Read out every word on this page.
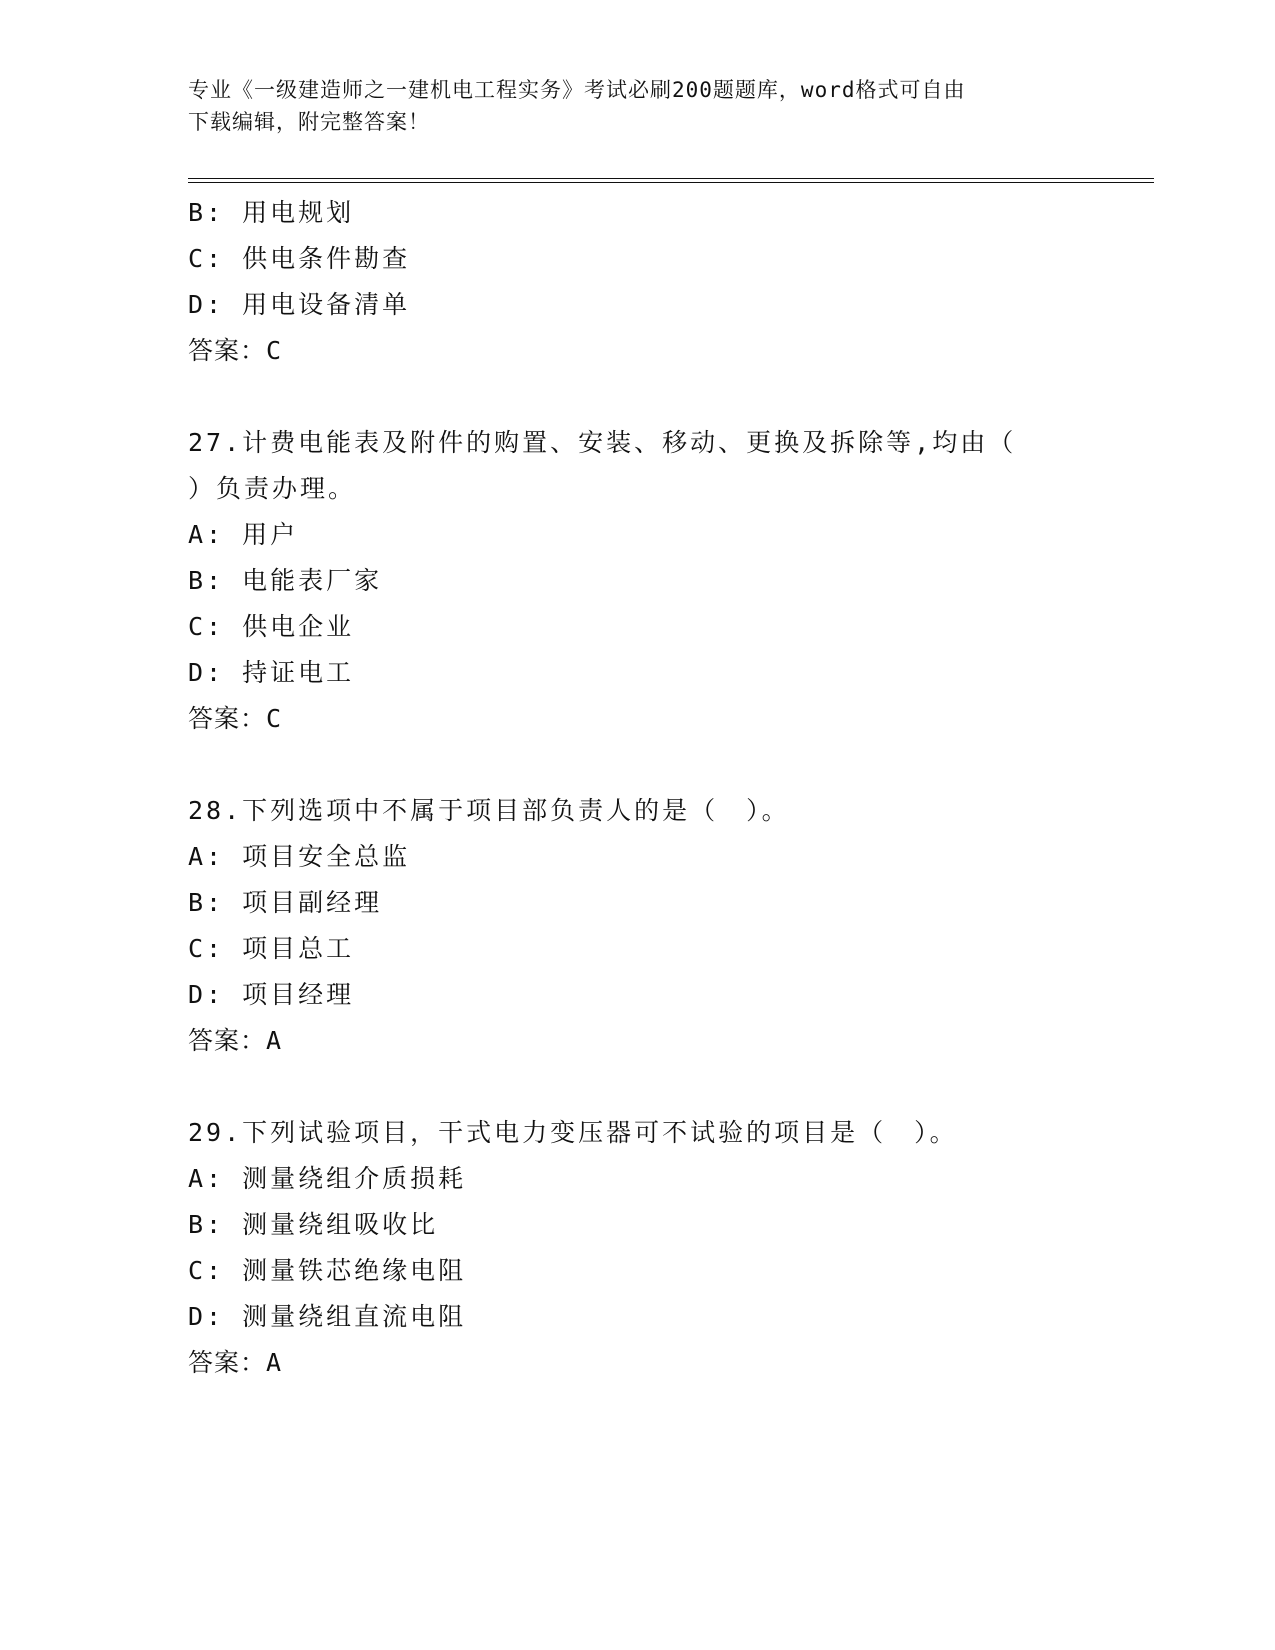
专业《一级建造师之一建机电工程实务》考试必刷200题题库，word格式可自由
下载编辑，附完整答案！

B: 用电规划

C: 供电条件勘查

D: 用电设备清单

答案：C

27.计费电能表及附件的购置、安装、移动、更换及拆除等,均由（

）负责办理。

A: 用户

B: 电能表厂家

C: 供电企业

D: 持证电工

答案：C

28.下列选项中不属于项目部负责人的是（　）。

A: 项目安全总监

B: 项目副经理

C: 项目总工

D: 项目经理

答案：A

29.下列试验项目，干式电力变压器可不试验的项目是（　）。

A: 测量绕组介质损耗

B: 测量绕组吸收比

C: 测量铁芯绝缘电阻

D: 测量绕组直流电阻

答案：A
